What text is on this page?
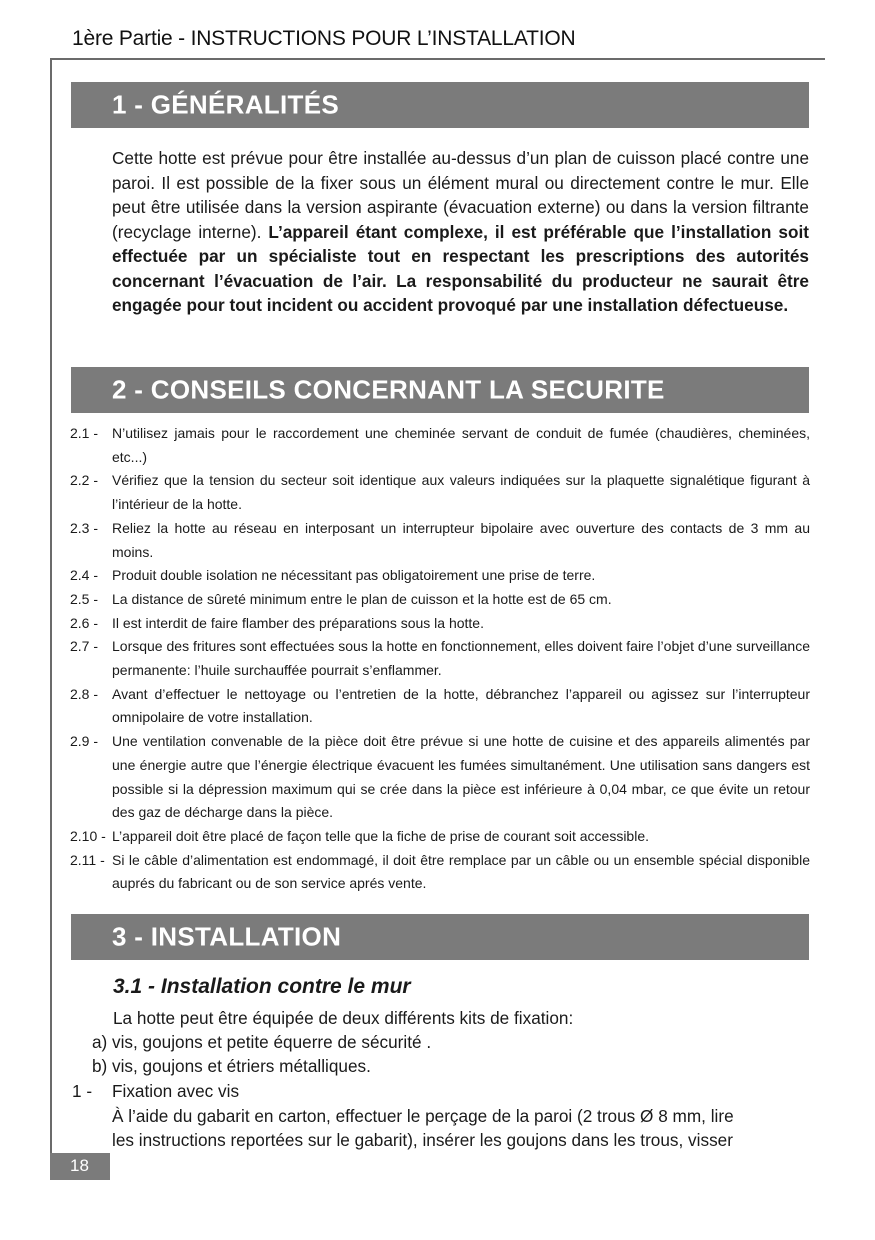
1ère Partie - INSTRUCTIONS POUR L’INSTALLATION
1 - GÉNÉRALITÉS

Cette hotte est prévue pour être installée au-dessus d’un plan de cuisson placé contre une paroi. Il est possible de la fixer sous un élément mural ou directement contre le mur. Elle peut être utilisée dans la version aspirante (évacuation externe) ou dans la version filtrante (recyclage interne). L’appareil étant complexe, il est préférable que l’installation soit effectuée par un spécialiste tout en respectant les prescriptions des autorités concernant l’évacuation de l’air. La responsabilité du producteur ne saurait être engagée pour tout incident ou accident provoqué par une installation défectueuse.

2 - CONSEILS CONCERNANT LA SECURITE
2.1 - N’utilisez jamais pour le raccordement une cheminée servant de conduit de fumée (chaudières, cheminées, etc...)
2.2 - Vérifiez que la tension du secteur soit identique aux valeurs indiquées sur la plaquette signalétique figurant à l’intérieur de la hotte.
2.3 - Reliez la hotte au réseau en interposant un interrupteur bipolaire avec ouverture des contacts de 3 mm au moins.
2.4 - Produit double isolation ne nécessitant pas obligatoirement une prise de terre.
2.5 - La distance de sûreté minimum entre le plan de cuisson et la hotte est de 65 cm.
2.6 - Il est interdit de faire flamber des préparations sous la hotte.
2.7 - Lorsque des fritures sont effectuées sous la hotte en fonctionnement, elles doivent faire l’objet d’une surveillance permanente: l’huile surchauffée pourrait s’enflammer.
2.8 - Avant d’effectuer le nettoyage ou l’entretien de la hotte, débranchez l’appareil ou agissez sur l’interrupteur omnipolaire de votre installation.
2.9 - Une ventilation convenable de la pièce doit être prévue si une hotte de cuisine et des appareils alimentés par une énergie autre que l’énergie électrique évacuent les fumées simultanément. Une utilisation sans dangers est possible si la dépression maximum qui se crée dans la pièce est inférieure à 0,04 mbar, ce que évite un retour des gaz de décharge dans la pièce.
2.10 - L’appareil doit être placé de façon telle que la fiche de prise de courant soit accessible.
2.11 - Si le câble d’alimentation est endommagé, il doit être remplace par un câble ou un ensemble spécial disponible auprés du fabricant ou de son service aprés vente.
3 - INSTALLATION
3.1 - Installation contre le mur
La hotte peut être équipée de deux différents kits de fixation:
a) vis, goujons et petite équerre de sécurité .
b) vis, goujons et étriers métalliques.
1 - Fixation avec vis
À l’aide du gabarit en carton, effectuer le perçage de la paroi (2 trous Ø 8 mm, lire
les instructions reportées sur le gabarit), insérer les goujons dans les trous, visser
18
